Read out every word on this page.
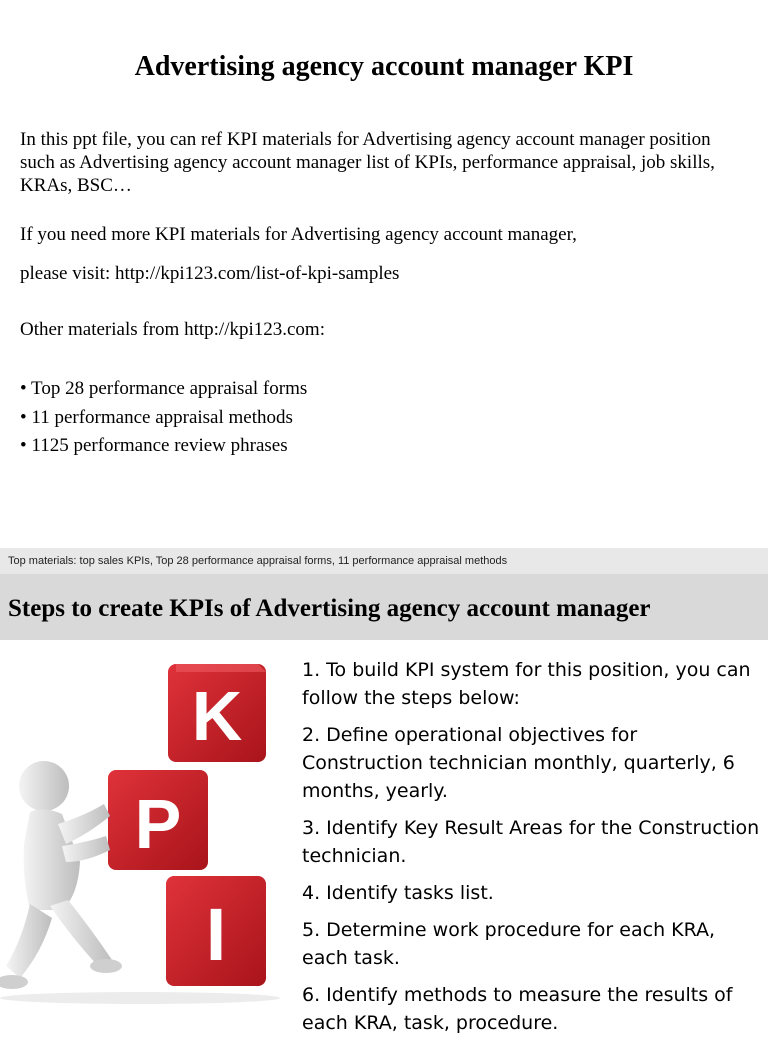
Advertising agency account manager KPI
In this ppt file, you can ref KPI materials for Advertising agency account manager position such as Advertising agency account manager list of KPIs, performance appraisal, job skills, KRAs, BSC…
If you need more KPI materials for Advertising agency account manager,
please visit: http://kpi123.com/list-of-kpi-samples
Other materials from http://kpi123.com:
• Top 28 performance appraisal forms
• 11 performance appraisal methods
• 1125 performance review phrases
Top materials: top sales KPIs, Top 28 performance appraisal forms, 11 performance appraisal methods
Steps to create KPIs of Advertising agency account manager
K
P
I
1. To build KPI system for this position, you can follow the steps below:
2. Define operational objectives for Construction technician monthly, quarterly, 6 months, yearly.
3. Identify Key Result Areas for the Construction technician.
4. Identify tasks list.
5. Determine work procedure for each KRA, each task.
6. Identify methods to measure the results of each KRA, task, procedure.
